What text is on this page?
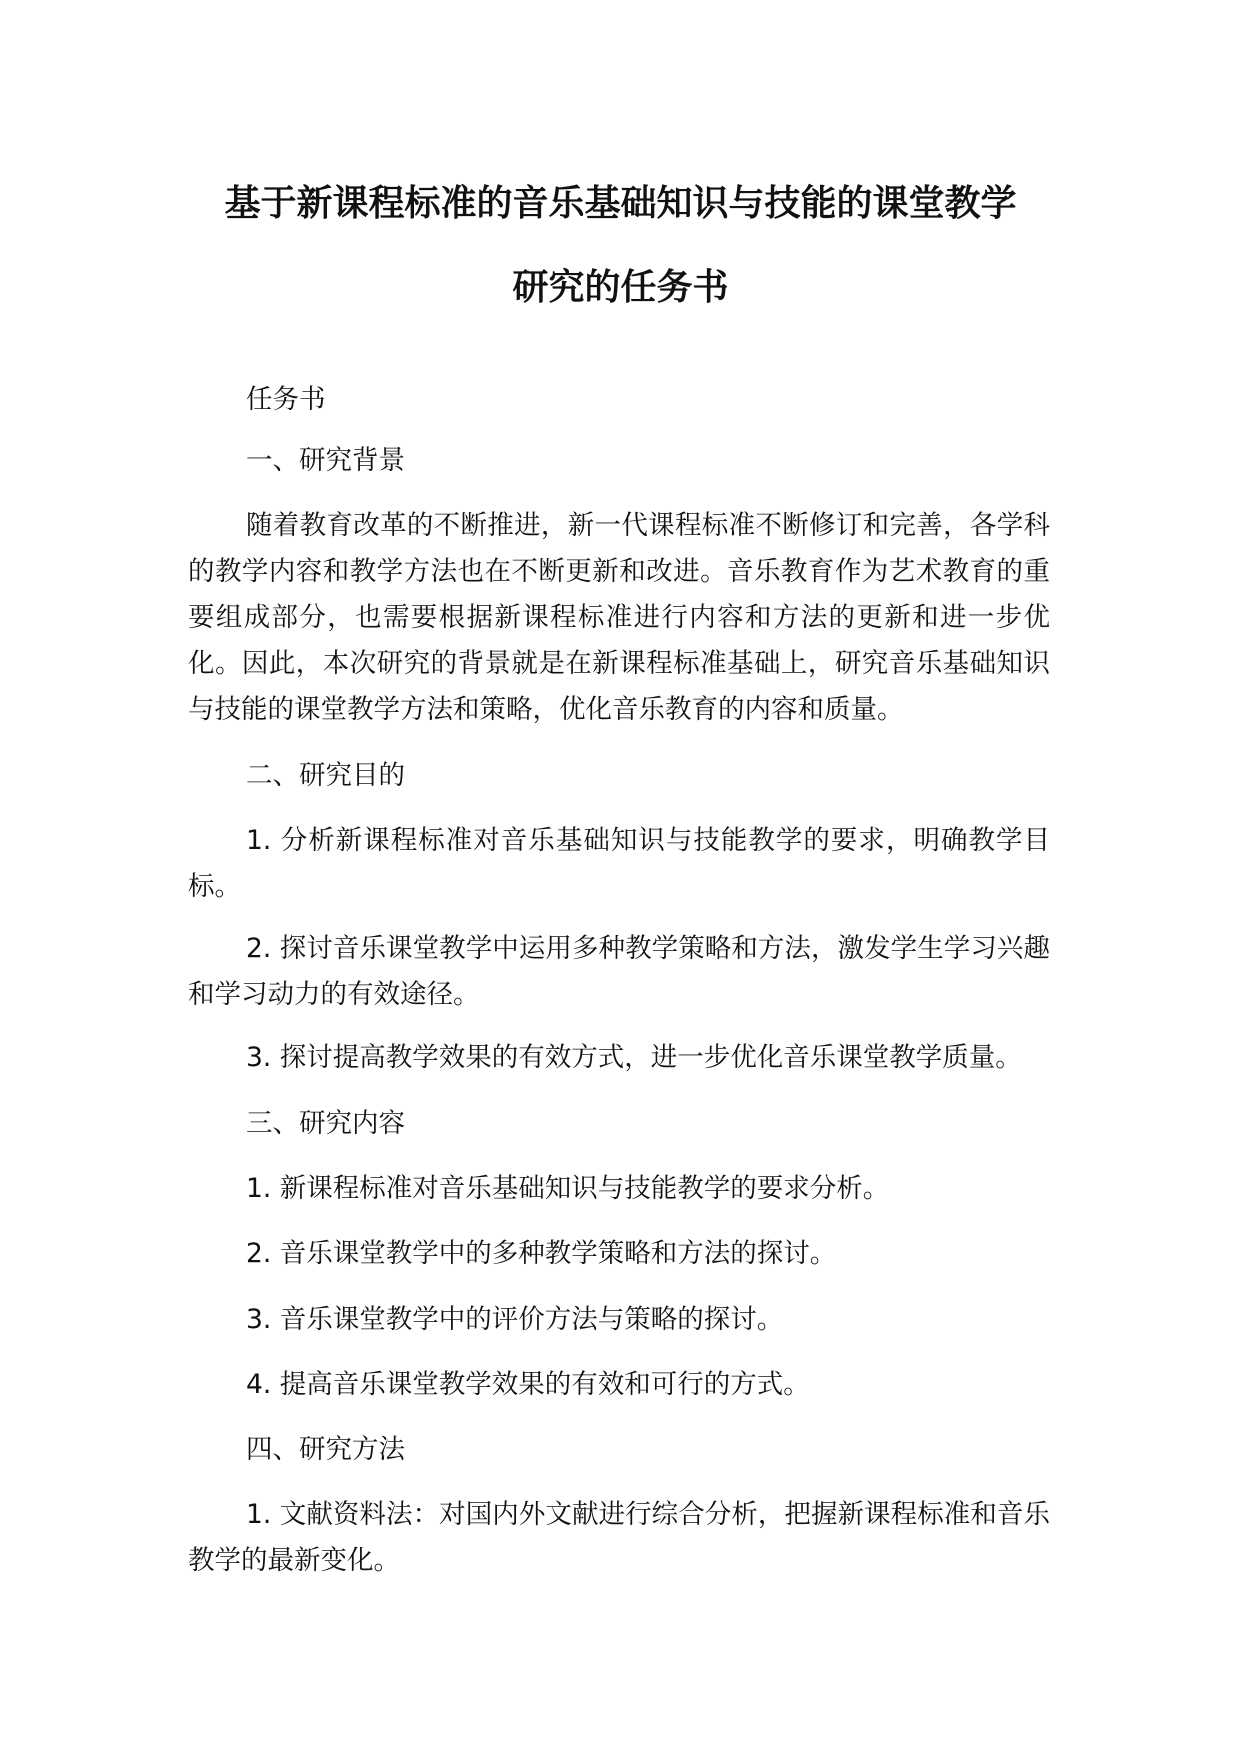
基于新课程标准的音乐基础知识与技能的课堂教学
研究的任务书
任务书
一、研究背景

随着教育改革的不断推进，新一代课程标准不断修订和完善，各学科的教学内容和教学方法也在不断更新和改进。音乐教育作为艺术教育的重要组成部分，也需要根据新课程标准进行内容和方法的更新和进一步优化。因此，本次研究的背景就是在新课程标准基础上，研究音乐基础知识与技能的课堂教学方法和策略，优化音乐教育的内容和质量。

二、研究目的

1. 分析新课程标准对音乐基础知识与技能教学的要求，明确教学目标。

2. 探讨音乐课堂教学中运用多种教学策略和方法，激发学生学习兴趣和学习动力的有效途径。

3. 探讨提高教学效果的有效方式，进一步优化音乐课堂教学质量。

三、研究内容

1. 新课程标准对音乐基础知识与技能教学的要求分析。

2. 音乐课堂教学中的多种教学策略和方法的探讨。

3. 音乐课堂教学中的评价方法与策略的探讨。

4. 提高音乐课堂教学效果的有效和可行的方式。

四、研究方法

1. 文献资料法：对国内外文献进行综合分析，把握新课程标准和音乐教学的最新变化。
